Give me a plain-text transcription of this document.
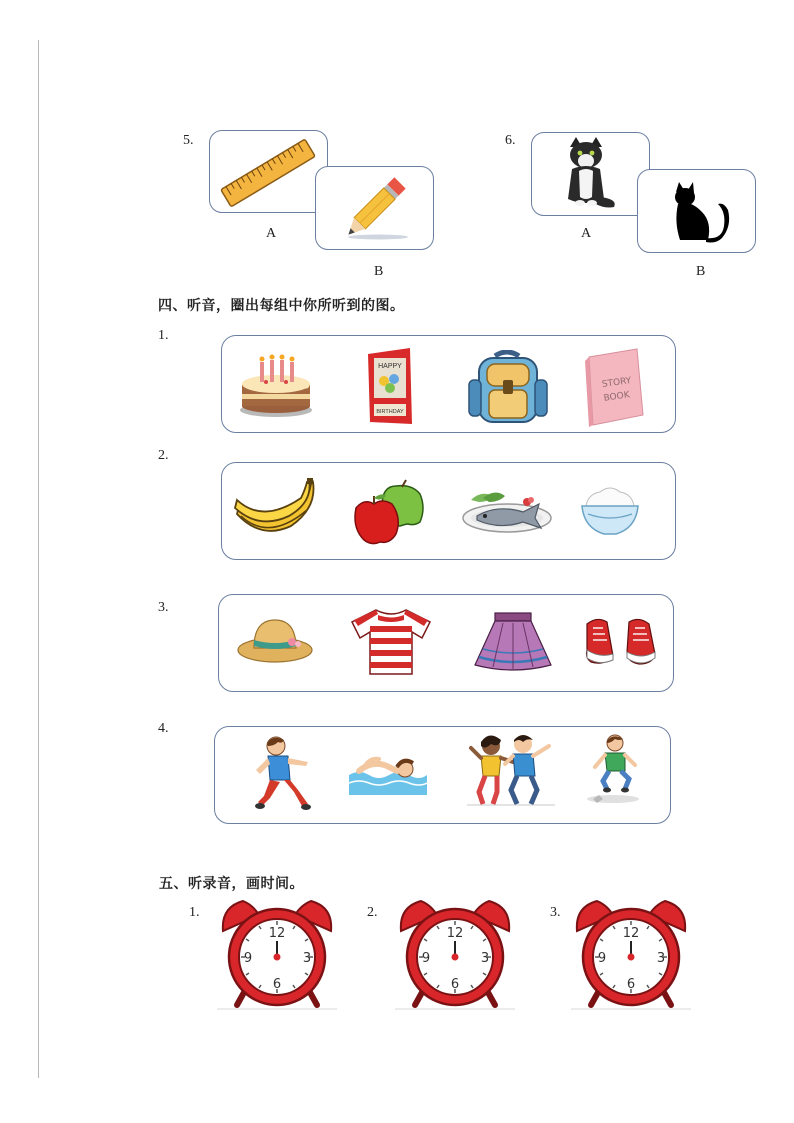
5.
A
B
6.
A
B
四、听音，圈出每组中你所听到的图。
1.
HAPPY
BIRTHDAY
STORY
BOOK
2.
3.
4.
五、听录音，画时间。
1.	2.	3.
12
3
6
9
12
3
6
9
12
3
6
9
